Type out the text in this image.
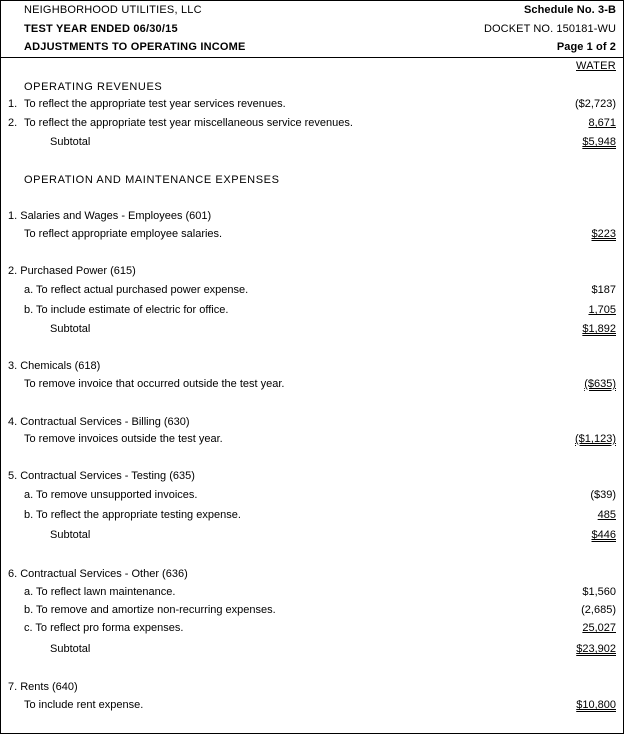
NEIGHBORHOOD UTILITIES, LLC	Schedule No. 3-B
TEST YEAR ENDED 06/30/15	DOCKET NO. 150181-WU
ADJUSTMENTS TO OPERATING INCOME	Page 1 of 2
WATER
OPERATING REVENUES
1. To reflect the appropriate test year services revenues.	($2,723)
2. To reflect the appropriate test year miscellaneous service revenues.	8,671
Subtotal	$5,948
OPERATION AND MAINTENANCE EXPENSES
1. Salaries and Wages - Employees (601)
To reflect appropriate employee salaries.	$223
2. Purchased Power (615)
a. To reflect actual purchased power expense.	$187
b. To include estimate of electric for office.	1,705
Subtotal	$1,892
3. Chemicals (618)
To remove invoice that occurred outside the test year.	($635)
4. Contractual Services - Billing (630)
To remove invoices outside the test year.	($1,123)
5. Contractual Services - Testing (635)
a. To remove unsupported invoices.	($39)
b. To reflect the appropriate testing expense.	485
Subtotal	$446
6. Contractual Services - Other (636)
a. To reflect lawn maintenance.	$1,560
b. To remove and amortize non-recurring expenses.	(2,685)
c. To reflect pro forma expenses.	25,027
Subtotal	$23,902
7. Rents (640)
To include rent expense.	$10,800
